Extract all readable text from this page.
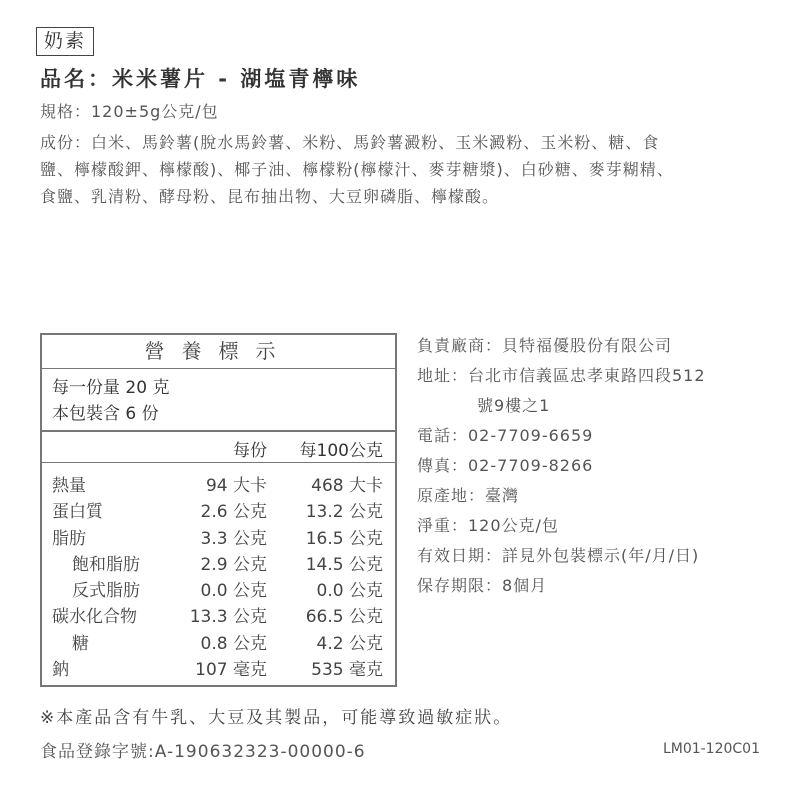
奶素
品名：米米薯片 - 湖塩青檸味
規格：120±5g公克/包
成份：白米、馬鈴薯(脫水馬鈴薯、米粉、馬鈴薯澱粉、玉米澱粉、玉米粉、糖、食
鹽、檸檬酸鉀、檸檬酸)、椰子油、檸檬粉(檸檬汁、麥芽糖漿)、白砂糖、麥芽糊精、
食鹽、乳清粉、酵母粉、昆布抽出物、大豆卵磷脂、檸檬酸。
營養標示
每一份量 20 克
本包裝含 6 份
每份 每100公克
熱量	94 大卡	468 大卡
蛋白質	2.6 公克 13.2 公克
脂肪	3.3 公克 16.5 公克
飽和脂肪	2.9 公克 14.5 公克
反式脂肪	0.0 公克	0.0 公克
碳水化合物	13.3 公克 66.5 公克
糖	0.8 公克	4.2 公克
鈉	107 毫克	535 毫克
負責廠商：貝特福優股份有限公司
地址：台北市信義區忠孝東路四段512
號9樓之1
電話：02-7709-6659
傳真：02-7709-8266
原產地：臺灣
淨重：120公克/包
有效日期：詳見外包裝標示(年/月/日)
保存期限：8個月
※本產品含有牛乳、大豆及其製品，可能導致過敏症狀。
食品登錄字號:A-190632323-00000-6	LM01-120C01
